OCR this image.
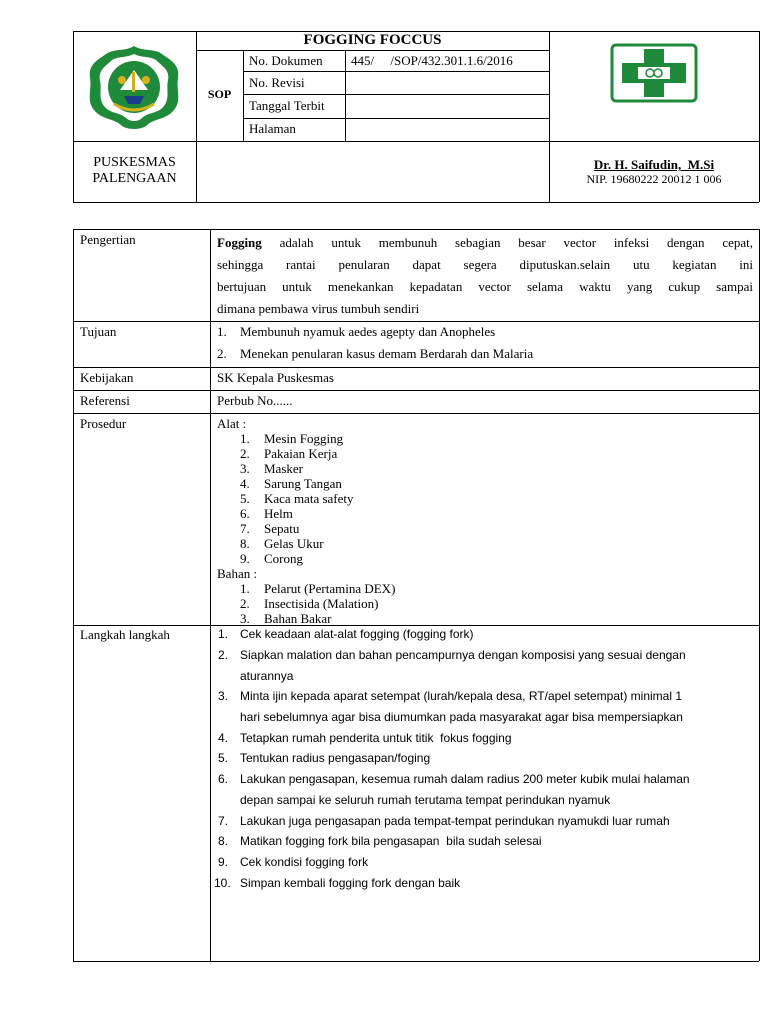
FOGGING FOCCUS
SOP
No. Dokumen 445/     /SOP/432.301.1.6/2016
No. Revisi
Tanggal Terbit
Halaman
PUSKESMAS
PALENGAAN
Dr. H. Saifudin,  M.Si
NIP. 19680222 20012 1 006
Pengertian	Fogging adalah untuk membunuh sebagian besar vector infeksi dengan cepat,
sehingga rantai penularan dapat segera diputuskan.selain utu kegiatan ini
bertujuan untuk menekankan kepadatan vector selama waktu yang cukup sampai
dimana pembawa virus tumbuh sendiri
Tujuan	1. Membunuh nyamuk aedes agepty dan Anopheles
2. Menekan penularan kasus demam Berdarah dan Malaria
Kebijakan	SK Kepala Puskesmas
Referensi	Perbub No......
Prosedur	Alat :
1. Mesin Fogging
2. Pakaian Kerja
3. Masker
4. Sarung Tangan
5. Kaca mata safety
6. Helm
7. Sepatu
8. Gelas Ukur
9. Corong
Bahan :
1. Pelarut (Pertamina DEX)
2. Insectisida (Malation)
3. Bahan Bakar
Langkah langkah	1. Cek keadaan alat-alat fogging (fogging fork)
2. Siapkan malation dan bahan pencampurnya dengan komposisi yang sesuai dengan
aturannya
3. Minta ijin kepada aparat setempat (lurah/kepala desa, RT/apel setempat) minimal 1
hari sebelumnya agar bisa diumumkan pada masyarakat agar bisa mempersiapkan
4. Tetapkan rumah penderita untuk titik  fokus fogging
5. Tentukan radius pengasapan/foging
6. Lakukan pengasapan, kesemua rumah dalam radius 200 meter kubik mulai halaman
depan sampai ke seluruh rumah terutama tempat perindukan nyamuk
7. Lakukan juga pengasapan pada tempat-tempat perindukan nyamukdi luar rumah
8. Matikan fogging fork bila pengasapan  bila sudah selesai
9. Cek kondisi fogging fork
10. Simpan kembali fogging fork dengan baik
